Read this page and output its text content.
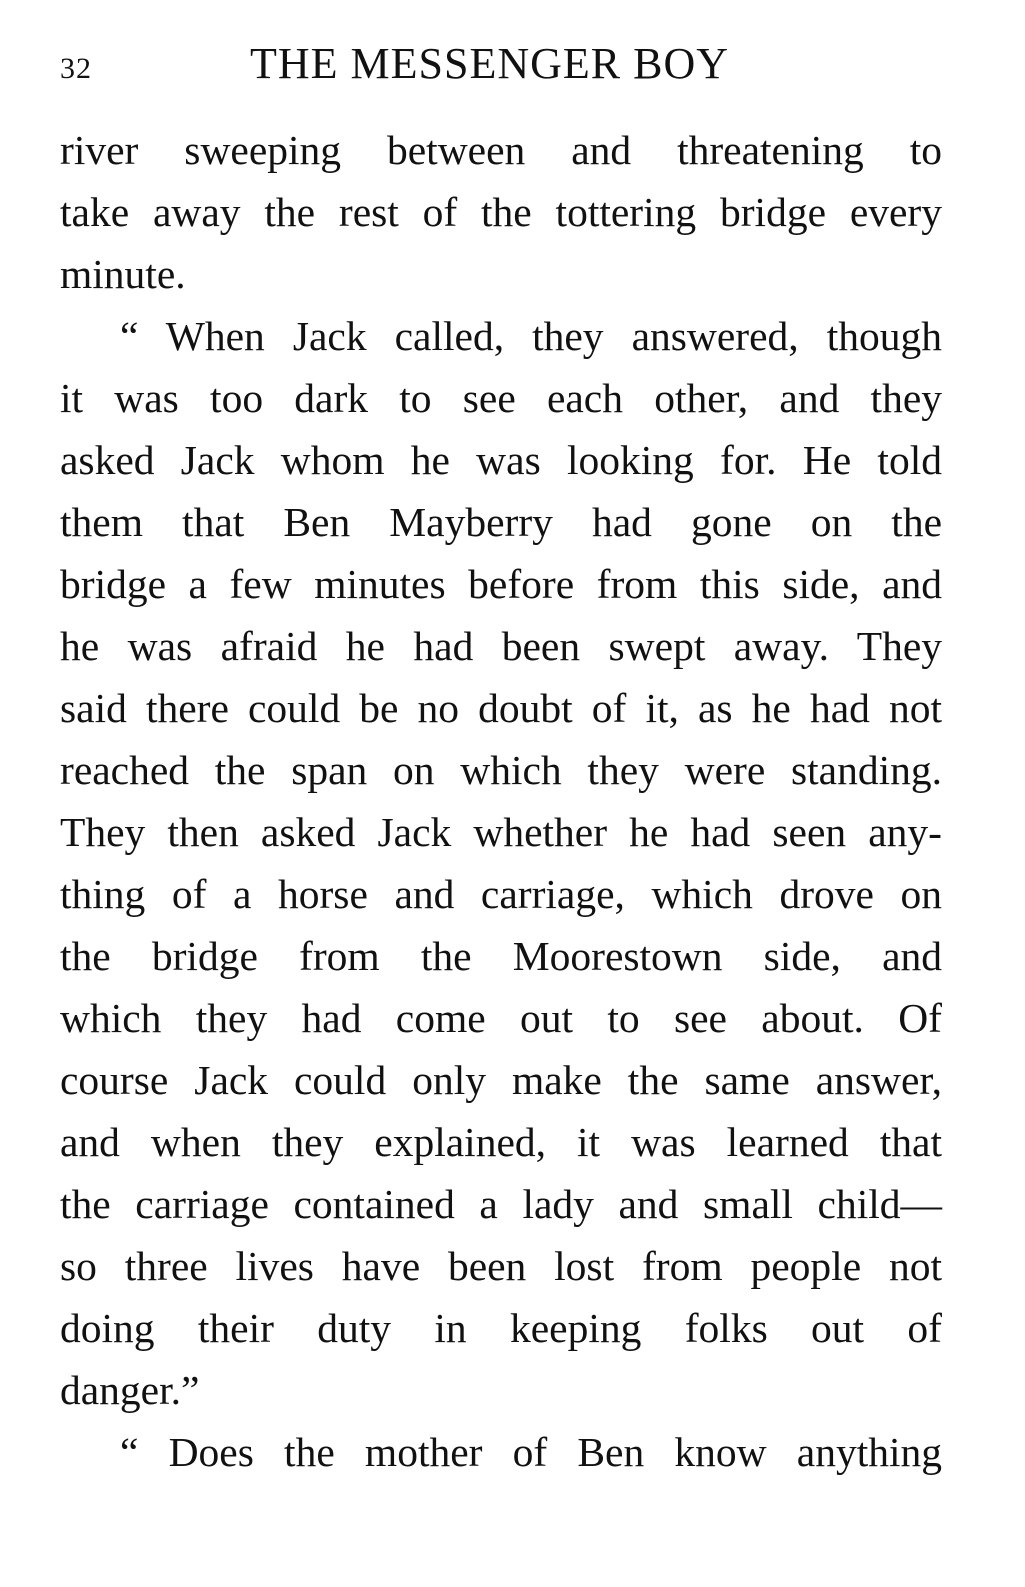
32	THE MESSENGER BOY
river sweeping between and threatening to
take away the rest of the tottering bridge every
minute.
“ When Jack called, they answered, though
it was too dark to see each other, and they
asked Jack whom he was looking for. He told
them that Ben Mayberry had gone on the
bridge a few minutes before from this side, and
he was afraid he had been swept away. They
said there could be no doubt of it, as he had not
reached the span on which they were standing.
They then asked Jack whether he had seen any-
thing of a horse and carriage, which drove on
the bridge from the Moorestown side, and
which they had come out to see about. Of
course Jack could only make the same answer,
and when they explained, it was learned that
the carriage contained a lady and small child—
so three lives have been lost from people not
doing their duty in keeping folks out of
danger.”
“ Does the mother of Ben know anything
